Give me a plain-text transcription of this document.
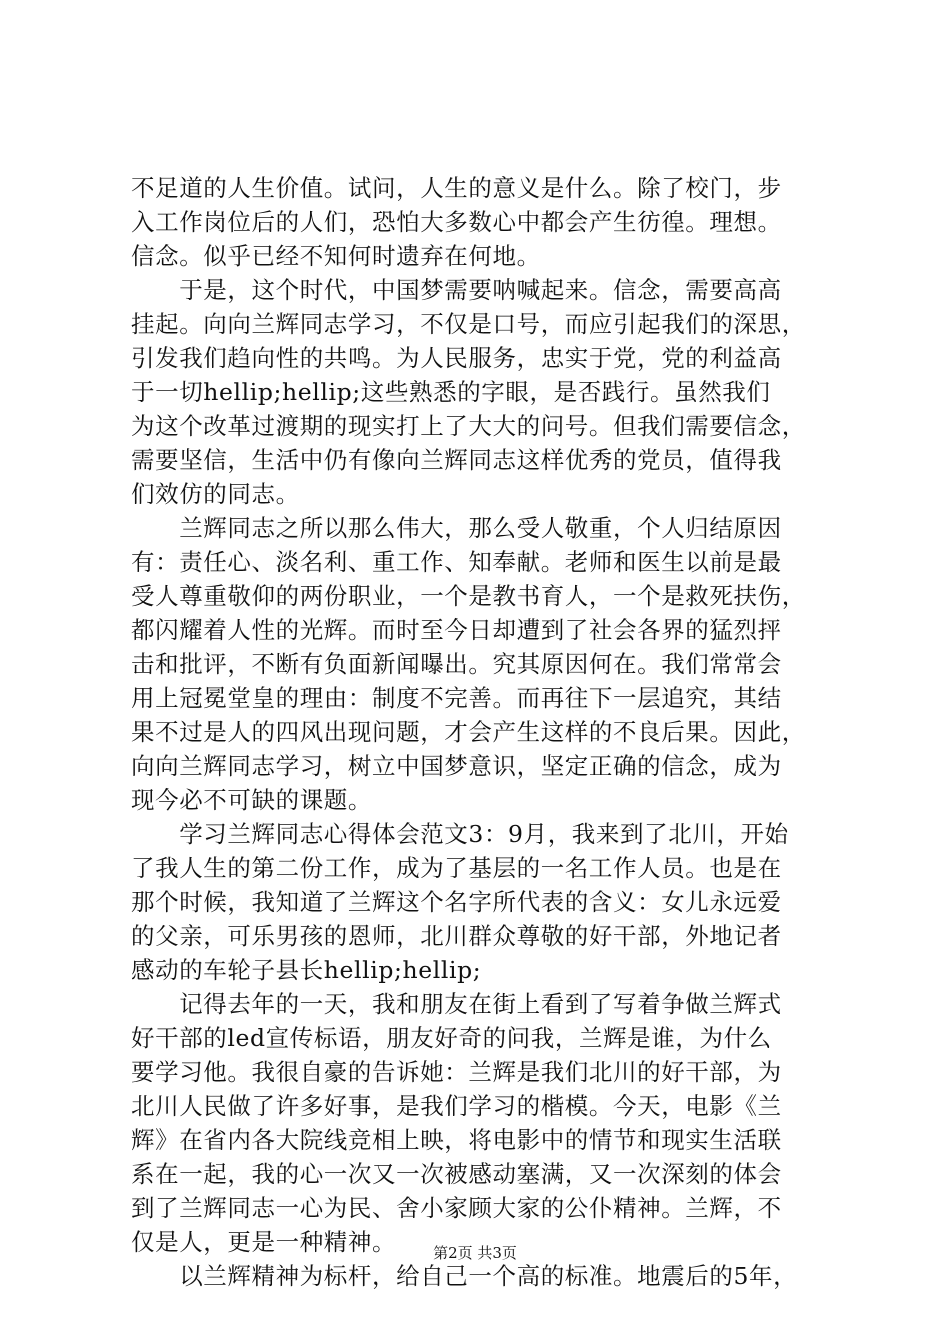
不足道的人生价值。试问，人生的意义是什么。除了校门，步
入工作岗位后的人们，恐怕大多数心中都会产生彷徨。理想。
信念。似乎已经不知何时遗弃在何地。
　　于是，这个时代，中国梦需要呐喊起来。信念，需要高高
挂起。向向兰辉同志学习，不仅是口号，而应引起我们的深思，
引发我们趋向性的共鸣。为人民服务，忠实于党，党的利益高
于一切hellip;hellip;这些熟悉的字眼，是否践行。虽然我们
为这个改革过渡期的现实打上了大大的问号。但我们需要信念，
需要坚信，生活中仍有像向兰辉同志这样优秀的党员，值得我
们效仿的同志。
　　兰辉同志之所以那么伟大，那么受人敬重，个人归结原因
有：责任心、淡名利、重工作、知奉献。老师和医生以前是最
受人尊重敬仰的两份职业，一个是教书育人，一个是救死扶伤，
都闪耀着人性的光辉。而时至今日却遭到了社会各界的猛烈抨
击和批评，不断有负面新闻曝出。究其原因何在。我们常常会
用上冠冕堂皇的理由：制度不完善。而再往下一层追究，其结
果不过是人的四风出现问题，才会产生这样的不良后果。因此，
向向兰辉同志学习，树立中国梦意识，坚定正确的信念，成为
现今必不可缺的课题。
　　学习兰辉同志心得体会范文3：9月，我来到了北川，开始
了我人生的第二份工作，成为了基层的一名工作人员。也是在
那个时候，我知道了兰辉这个名字所代表的含义：女儿永远爱
的父亲，可乐男孩的恩师，北川群众尊敬的好干部，外地记者
感动的车轮子县长hellip;hellip;
　　记得去年的一天，我和朋友在街上看到了写着争做兰辉式
好干部的led宣传标语，朋友好奇的问我，兰辉是谁，为什么
要学习他。我很自豪的告诉她：兰辉是我们北川的好干部，为
北川人民做了许多好事，是我们学习的楷模。今天，电影《兰
辉》在省内各大院线竞相上映，将电影中的情节和现实生活联
系在一起，我的心一次又一次被感动塞满，又一次深刻的体会
到了兰辉同志一心为民、舍小家顾大家的公仆精神。兰辉，不
仅是人，更是一种精神。
　　以兰辉精神为标杆，给自己一个高的标准。地震后的5年，
第2页 共3页
